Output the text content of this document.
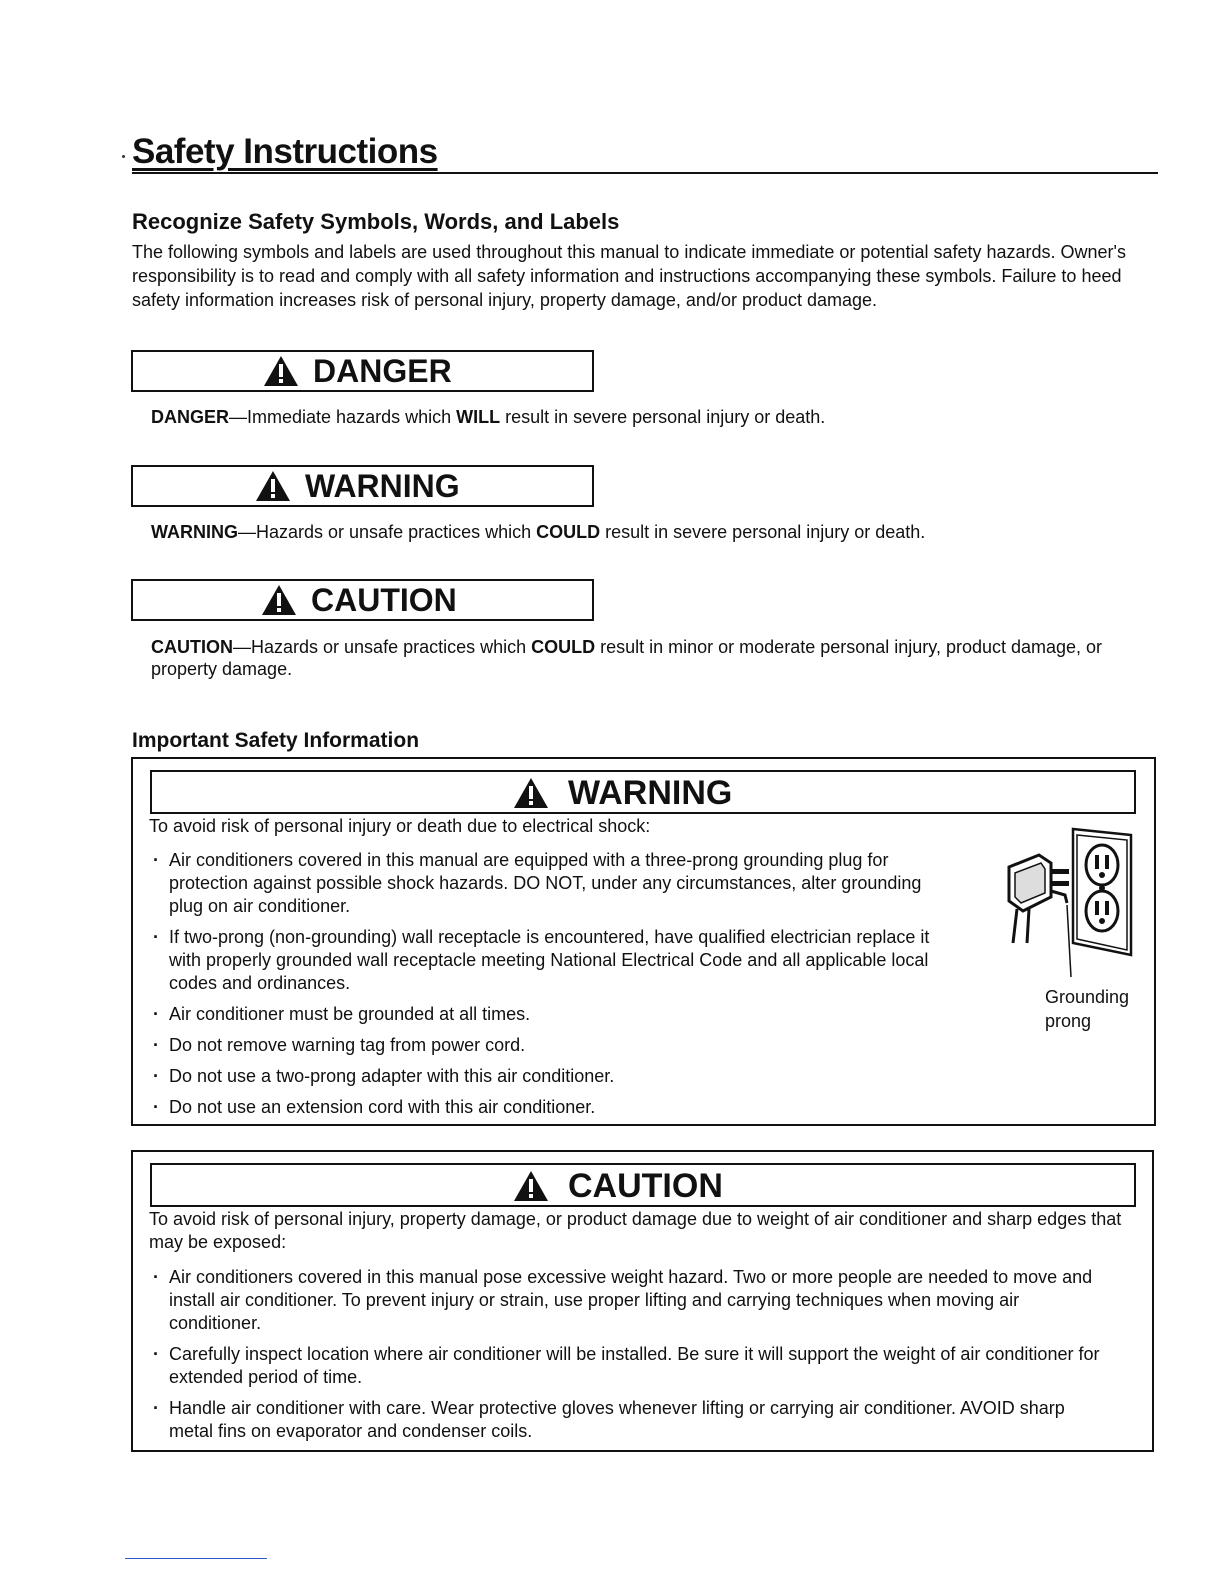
Safety Instructions
Recognize Safety Symbols, Words, and Labels
The following symbols and labels are used throughout this manual to indicate immediate or potential safety hazards. Owner's responsibility is to read and comply with all safety information and instructions accompanying these symbols. Failure to heed safety information increases risk of personal injury, property damage, and/or product damage.
DANGER
DANGER—Immediate hazards which WILL result in severe personal injury or death.
WARNING
WARNING—Hazards or unsafe practices which COULD result in severe personal injury or death.
CAUTION
CAUTION—Hazards or unsafe practices which COULD result in minor or moderate personal injury, product damage, or property damage.
Important Safety Information
WARNING
To avoid risk of personal injury or death due to electrical shock:
· Air conditioners covered in this manual are equipped with a three-prong grounding plug for protection against possible shock hazards. DO NOT, under any circumstances, alter grounding plug on air conditioner.
· If two-prong (non-grounding) wall receptacle is encountered, have qualified electrician replace it with properly grounded wall receptacle meeting National Electrical Code and all applicable local codes and ordinances.
· Air conditioner must be grounded at all times.
· Do not remove warning tag from power cord.
· Do not use a two-prong adapter with this air conditioner.
· Do not use an extension cord with this air conditioner.
Grounding
prong
CAUTION
To avoid risk of personal injury, property damage, or product damage due to weight of air conditioner and sharp edges that may be exposed:
· Air conditioners covered in this manual pose excessive weight hazard. Two or more people are needed to move and install air conditioner. To prevent injury or strain, use proper lifting and carrying techniques when moving air conditioner.
· Carefully inspect location where air conditioner will be installed. Be sure it will support the weight of air conditioner for extended period of time.
· Handle air conditioner with care. Wear protective gloves whenever lifting or carrying air conditioner. AVOID sharp metal fins on evaporator and condenser coils.
